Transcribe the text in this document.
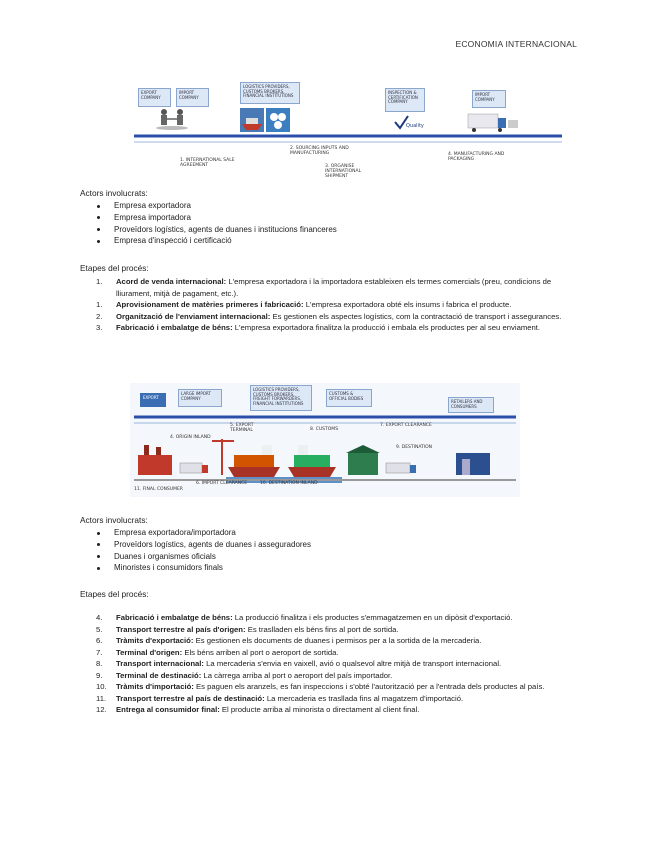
ECONOMIA INTERNACIONAL
EXPORT COMPANY
IMPORT COMPANY
LOGISTICS PROVIDERS, CUSTOMS BROKERS, FINANCIAL INSTITUTIONS
INSPECTION & CERTIFICATION COMPANY
IMPORT COMPANY
Quality
1. INTERNATIONAL SALE AGREEMENT
2. SOURCING INPUTS AND MANUFACTURING
3. ORGANISE INTERNATIONAL SHIPMENT
4. MANUFACTURING AND PACKAGING
Actors involucrats:
Empresa exportadora
Empresa importadora
Proveïdors logístics, agents de duanes i institucions financeres
Empresa d'inspecció i certificació
Etapes del procés:
1. Acord de venda internacional: L'empresa exportadora i la importadora estableixen els termes comercials (preu, condicions de lliurament, mitjà de pagament, etc.).
1. Aprovisionament de matèries primeres i fabricació: L'empresa exportadora obté els insums i fabrica el producte.
2. Organització de l'enviament internacional: Es gestionen els aspectes logístics, com la contractació de transport i assegurances.
3. Fabricació i embalatge de béns: L'empresa exportadora finalitza la producció i embala els productes per al seu enviament.
EXPORT
LARGE IMPORT COMPANY
LOGISTICS PROVIDERS, CUSTOMS BROKERS, FREIGHT FORWARDERS, FINANCIAL INSTITUTIONS
CUSTOMS & OFFICIAL BODIES
RETAILERS AND CONSUMERS
5. EXPORT TERMINAL
4. ORIGIN INLAND
8. CUSTOMS
7. EXPORT CLEARANCE
9. DESTINATION
6. IMPORT CLEARANCE	10. DESTINATION INLAND
11. FINAL CONSUMER
Actors involucrats:
Empresa exportadora/importadora
Proveïdors logístics, agents de duanes i asseguradores
Duanes i organismes oficials
Minoristes i consumidors finals
Etapes del procés:
4. Fabricació i embalatge de béns: La producció finalitza i els productes s'emmagatzemen en un dipòsit d'exportació.
5. Transport terrestre al país d'origen: Es traslladen els béns fins al port de sortida.
6. Tràmits d'exportació: Es gestionen els documents de duanes i permisos per a la sortida de la mercaderia.
7. Terminal d'origen: Els béns arriben al port o aeroport de sortida.
8. Transport internacional: La mercaderia s'envia en vaixell, avió o qualsevol altre mitjà de transport internacional.
9. Terminal de destinació: La càrrega arriba al port o aeroport del país importador.
10. Tràmits d'importació: Es paguen els aranzels, es fan inspeccions i s'obté l'autorització per a l'entrada dels productes al país.
11. Transport terrestre al país de destinació: La mercaderia es trasllada fins al magatzem d'importació.
12. Entrega al consumidor final: El producte arriba al minorista o directament al client final.
